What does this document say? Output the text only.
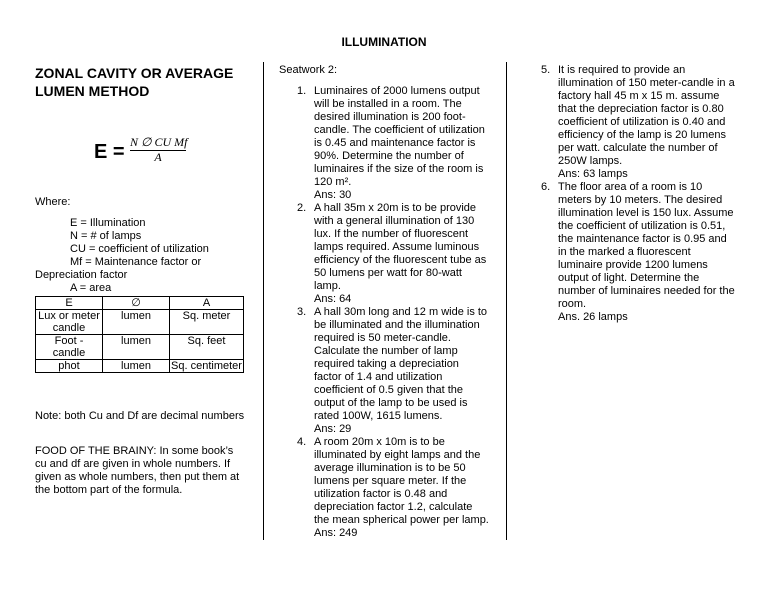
ILLUMINATION
ZONAL CAVITY OR AVERAGE LUMEN METHOD
$E = \frac{\text{N ∅ CU Mf}}{A}$
Where:
E = Illumination
N = # of lamps
CU = coefficient of utilization
Mf = Maintenance factor or
Depreciation factor
A = area
E	∅	A
Lux or meter candle	lumen	Sq. meter
Foot - candle	lumen	Sq. feet
phot	lumen	Sq. centimeter
Note: both Cu and Df are decimal numbers
FOOD OF THE BRAINY: In some book’s cu and df are given in whole numbers. If given as whole numbers, then put them at the bottom part of the formula.
Seatwork 2:
1. Luminaires of 2000 lumens output will be installed in a room. The desired illumination is 200 foot-candle. The coefficient of utilization is 0.45 and maintenance factor is 90%. Determine the number of luminaires if the size of the room is 120 m².
Ans: 30
2. A hall 35m x 20m is to be provide with a general illumination of 130 lux. If the number of fluorescent lamps required. Assume luminous efficiency of the fluorescent tube as 50 lumens per watt for 80-watt lamp.
Ans: 64
3. A hall 30m long and 12 m wide is to be illuminated and the illumination required is 50 meter-candle. Calculate the number of lamp required taking a depreciation factor of 1.4 and utilization coefficient of 0.5 given that the output of the lamp to be used is rated 100W, 1615 lumens.
Ans: 29
4. A room 20m x 10m is to be illuminated by eight lamps and the average illumination is to be 50 lumens per square meter. If the utilization factor is 0.48 and depreciation factor 1.2, calculate the mean spherical power per lamp.
Ans: 249
5. It is required to provide an illumination of 150 meter-candle in a factory hall 45 m x 15 m. assume that the depreciation factor is 0.80 coefficient of utilization is 0.40 and efficiency of the lamp is 20 lumens per watt. calculate the number of 250W lamps.
Ans: 63 lamps
6. The floor area of a room is 10 meters by 10 meters. The desired illumination level is 150 lux. Assume the coefficient of utilization is 0.51, the maintenance factor is 0.95 and in the marked a fluorescent luminaire provide 1200 lumens output of light. Determine the number of luminaires needed for the room.
Ans. 26 lamps
